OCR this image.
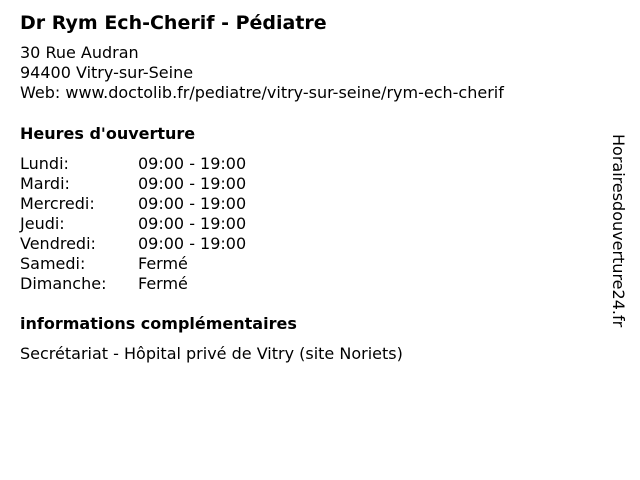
Dr Rym Ech-Cherif - Pédiatre
30 Rue Audran
94400 Vitry-sur-Seine
Web: www.doctolib.fr/pediatre/vitry-sur-seine/rym-ech-cherif
Heures d'ouverture
Lundi:	09:00 - 19:00
Mardi:	09:00 - 19:00
Mercredi:	09:00 - 19:00
Jeudi:	09:00 - 19:00
Vendredi:	09:00 - 19:00
Samedi:	Fermé
Dimanche: Fermé
informations complémentaires
Secrétariat - Hôpital privé de Vitry (site Noriets)
Horairesdouverture24.fr
